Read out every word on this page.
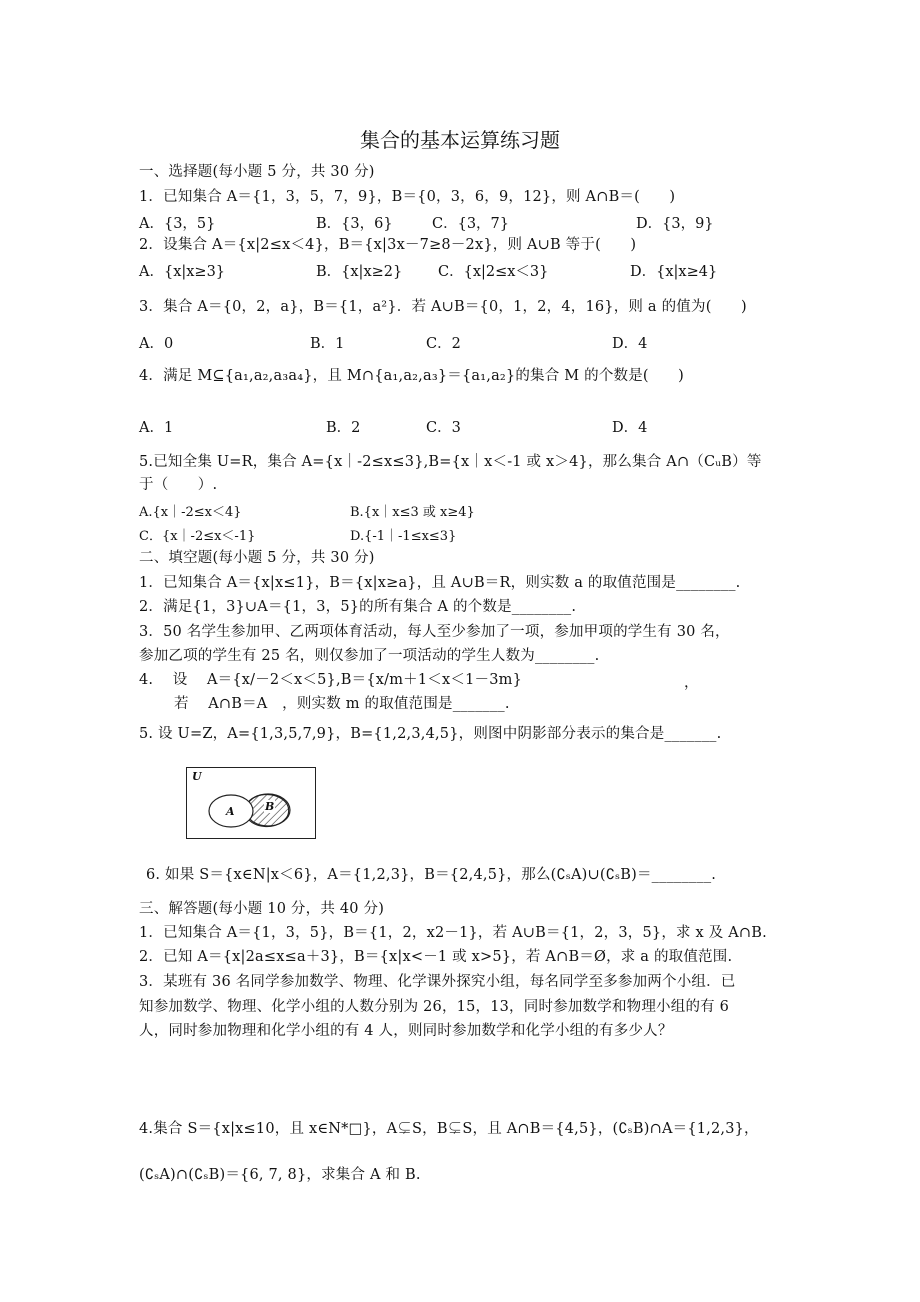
集合的基本运算练习题
一、选择题(每小题 5 分，共 30 分)
1．已知集合 A＝{1，3，5，7，9}，B＝{0，3，6，9，12}，则 A∩B＝(　　)
A．{3，5}	B．{3，6}	C．{3，7}	D．{3，9}
2．设集合 A＝{x|2≤x＜4}，B＝{x|3x－7≥8－2x}，则 A∪B 等于(　　)
A．{x|x≥3}	B．{x|x≥2} C．{x|2≤x＜3}	D．{x|x≥4}
3．集合 A＝{0，2，a}，B＝{1，a²}．若 A∪B＝{0，1，2，4，16}，则 a 的值为(　　)
A．0	B．1	C．2	D．4
4．满足 M⊆{a₁,a₂,a₃a₄}，且 M∩{a₁,a₂,a₃}＝{a₁,a₂}的集合 M 的个数是(　　)
A．1	B．2	C．3	D．4
5.已知全集 U=R，集合 A={x｜-2≤x≤3},B={x｜x＜-1 或 x＞4}，那么集合 A∩（CᵤB）等
于（　　）.
A.{x｜-2≤x＜4}	B.{x｜x≤3 或 x≥4}
C．{x｜-2≤x＜-1}	D.{-1｜-1≤x≤3}
二、填空题(每小题 5 分，共 30 分)
1．已知集合 A＝{x|x≤1}，B＝{x|x≥a}，且 A∪B＝R，则实数 a 的取值范围是________.
2．满足{1，3}∪A＝{1，3，5}的所有集合 A 的个数是________.
3．50 名学生参加甲、乙两项体育活动，每人至少参加了一项，参加甲项的学生有 30 名，
参加乙项的学生有 25 名，则仅参加了一项活动的学生人数为________.
4.　 设　 A＝{x/－2＜x＜5},B＝{x/m＋1＜x＜1－3m}	，
若　 A∩B＝A　，则实数 m 的取值范围是_______.
5. 设 U=Z，A={1,3,5,7,9}，B={1,2,3,4,5}，则图中阴影部分表示的集合是_______.
U
A	B
6. 如果 S＝{x∈N|x＜6}，A＝{1,2,3}，B＝{2,4,5}，那么(∁ₛA)∪(∁ₛB)＝________.
三、解答题(每小题 10 分，共 40 分)
1．已知集合 A＝{1，3，5}，B＝{1，2，x2－1}，若 A∪B＝{1，2，3，5}，求 x 及 A∩B.
2．已知 A＝{x|2a≤x≤a＋3}，B＝{x|x<－1 或 x>5}，若 A∩B＝Ø，求 a 的取值范围.
3．某班有 36 名同学参加数学、物理、化学课外探究小组，每名同学至多参加两个小组．已
知参加数学、物理、化学小组的人数分别为 26，15，13，同时参加数学和物理小组的有 6
人，同时参加物理和化学小组的有 4 人，则同时参加数学和化学小组的有多少人？
4.集合 S＝{x|x≤10，且 x∈N*□}，A⊊S，B⊊S，且 A∩B＝{4,5}，(∁ₛB)∩A＝{1,2,3}，
(∁ₛA)∩(∁ₛB)＝{6, 7, 8}，求集合 A 和 B.
